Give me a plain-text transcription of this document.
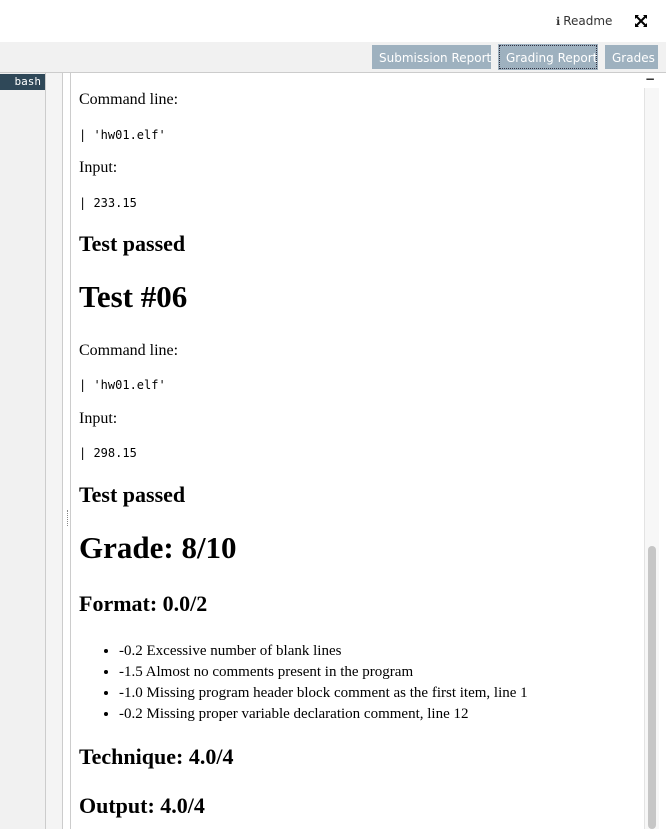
ℹ Readme
Submission Report	Grading Report	Grades
bash
Command line:
| 'hw01.elf'
Input:
| 233.15
Test passed
Test #06
Command line:
| 'hw01.elf'
Input:
| 298.15
Test passed
Grade: 8/10
Format: 0.0/2
• -0.2 Excessive number of blank lines
• -1.5 Almost no comments present in the program
• -1.0 Missing program header block comment as the first item, line 1
• -0.2 Missing proper variable declaration comment, line 12
Technique: 4.0/4
Output: 4.0/4
−
